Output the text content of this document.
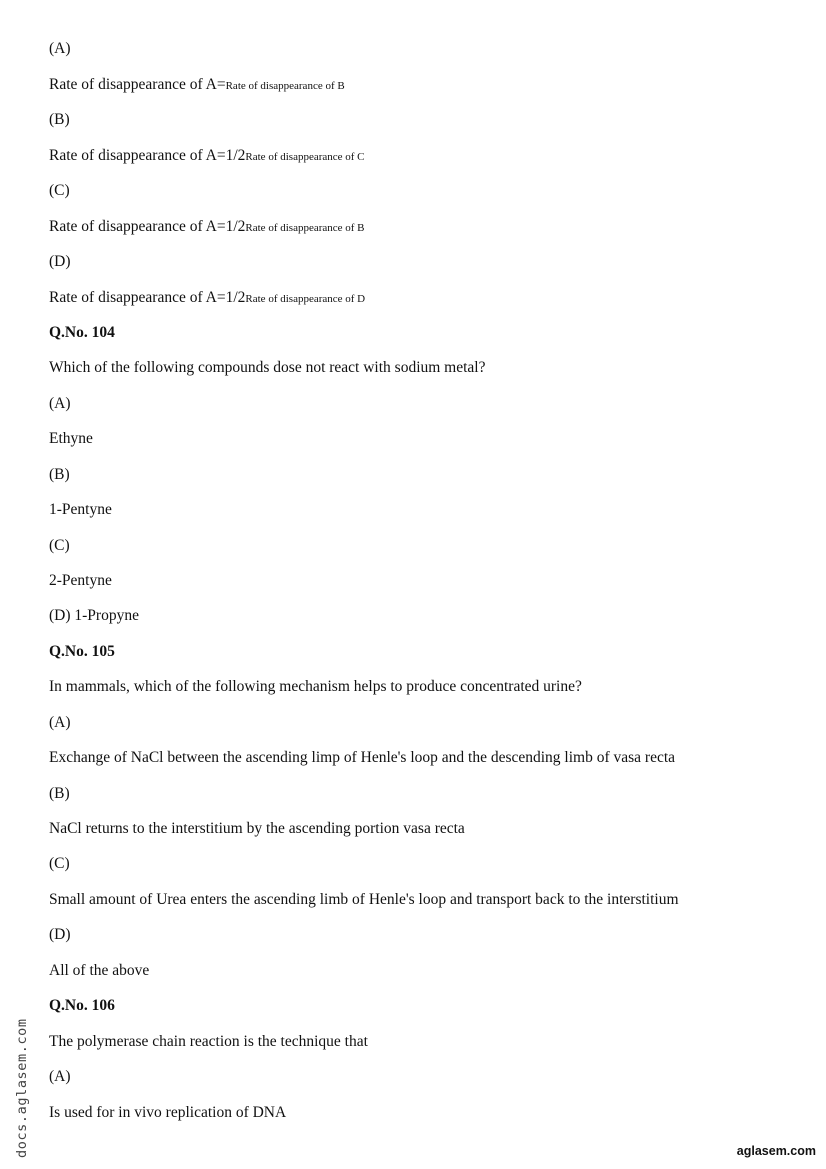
(A)
Rate of disappearance of A=Rate of disappearance of B
(B)
Rate of disappearance of A=1/2Rate of disappearance of C
(C)
Rate of disappearance of A=1/2Rate of disappearance of B
(D)
Rate of disappearance of A=1/2Rate of disappearance of D
Q.No. 104
Which of the following compounds dose not react with sodium metal?
(A)
Ethyne
(B)
1-Pentyne
(C)
2-Pentyne
(D) 1-Propyne
Q.No. 105
In mammals, which of the following mechanism helps to produce concentrated urine?
(A)
Exchange of NaCl between the ascending limp of Henle's loop and the descending limb of vasa recta
(B)
NaCl returns to the interstitium by the ascending portion vasa recta
(C)
Small amount of Urea enters the ascending limb of Henle's loop and transport back to the interstitium
(D)
All of the above
Q.No. 106
The polymerase chain reaction is the technique that
(A)
Is used for in vivo replication of DNA
docs.aglasem.com	aglasem.com
